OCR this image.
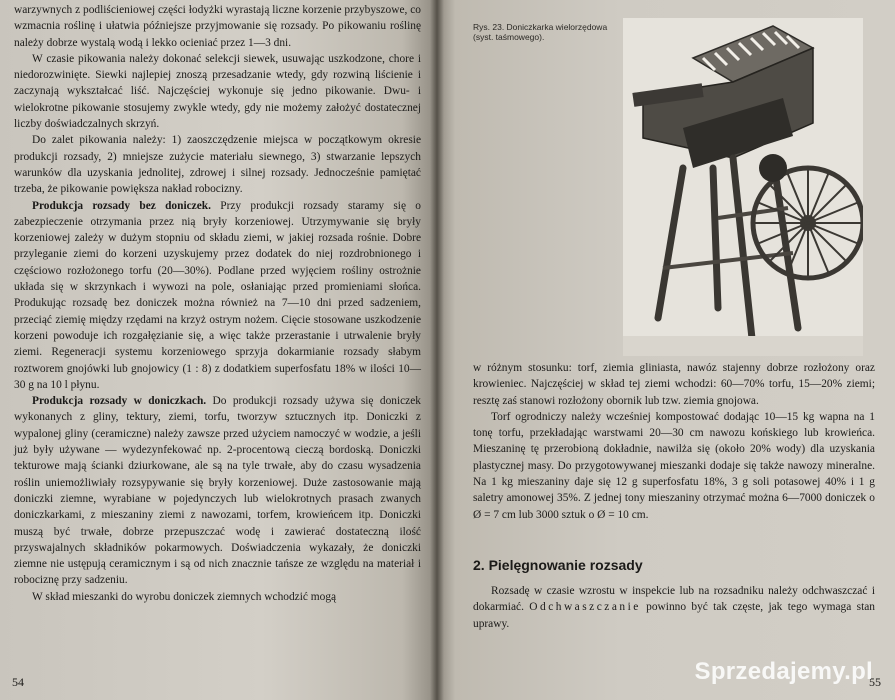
warzywnych z podliścieniowej części łodyżki wyrastają liczne korzenie przybyszowe, co wzmacnia roślinę i ułatwia późniejsze przyjmowanie się rozsady. Po pikowaniu roślinę należy dobrze wystalą wodą i lekko ocieniać przez 1—3 dni.

W czasie pikowania należy dokonać selekcji siewek, usuwając uszkodzone, chore i niedorozwinięte. Siewki najlepiej znoszą przesadzanie wtedy, gdy rozwiną liścienie i zaczynają wykształcać liść. Najczęściej wykonuje się jedno pikowanie. Dwu- i wielokrotne pikowanie stosujemy zwykle wtedy, gdy nie możemy założyć dostatecznej liczby doświadczalnych skrzyń.

Do zalet pikowania należy: 1) zaoszczędzenie miejsca w początkowym okresie produkcji rozsady, 2) mniejsze zużycie materiału siewnego, 3) stwarzanie lepszych warunków dla uzyskania jednolitej, zdrowej i silnej rozsady. Jednocześnie pamiętać trzeba, że pikowanie powiększa nakład robocizny.

Produkcja rozsady bez doniczek. Przy produkcji rozsady staramy się o zabezpieczenie otrzymania przez nią bryły korzeniowej. Utrzymywanie się bryły korzeniowej zależy w dużym stopniu od składu ziemi, w jakiej rozsada rośnie. Dobre przyleganie ziemi do korzeni uzyskujemy przez dodatek do niej rozdrobnionego i częściowo rozłożonego torfu (20—30%). Podlane przed wyjęciem rośliny ostrożnie układa się w skrzynkach i wywozi na pole, osłaniając przed promieniami słońca. Produkując rozsadę bez doniczek można również na 7—10 dni przed sadzeniem, przeciąć ziemię między rzędami na krzyż ostrym nożem. Cięcie stosowane uszkodzenie korzeni powoduje ich rozgałęzianie się, a więc także przerastanie i utrwalenie bryły ziemi. Regeneracji systemu korzeniowego sprzyja dokarmianie rozsady słabym roztworem gnojówki lub gnojowicy (1 : 8) z dodatkiem superfosfatu 18% w ilości 10—30 g na 10 l płynu.

Produkcja rozsady w doniczkach. Do produkcji rozsady używa się doniczek wykonanych z gliny, tektury, ziemi, torfu, tworzyw sztucznych itp. Doniczki z wypalonej gliny (ceramiczne) należy zawsze przed użyciem namoczyć w wodzie, a jeśli już były używane — wydezynfekować np. 2-procentową cieczą bordoską. Doniczki tekturowe mają ścianki dziurkowane, ale są na tyle trwałe, aby do czasu wysadzenia roślin uniemożliwiały rozsypywanie się bryły korzeniowej. Duże zastosowanie mają doniczki ziemne, wyrabiane w pojedynczych lub wielokrotnych prasach zwanych doniczkarkami, z mieszaniny ziemi z nawozami, torfem, krowieńcem itp. Doniczki muszą być trwałe, dobrze przepuszczać wodę i zawierać dostateczną ilość przyswajalnych składników pokarmowych. Doświadczenia wykazały, że doniczki ziemne nie ustępują ceramicznym i są od nich znacznie tańsze ze względu na materiał i robociznę przy sadzeniu.

W skład mieszanki do wyrobu doniczek ziemnych wchodzić mogą

54
Rys. 23. Doniczkarka wielorzędowa (syst. taśmowego).

w różnym stosunku: torf, ziemia gliniasta, nawóz stajenny dobrze rozłożony oraz krowieniec. Najczęściej w skład tej ziemi wchodzi: 60—70% torfu, 15—20% ziemi; resztę zaś stanowi rozłożony obornik lub tzw. ziemia gnojowa.

Torf ogrodniczy należy wcześniej kompostować dodając 10—15 kg wapna na 1 tonę torfu, przekładając warstwami 20—30 cm nawozu końskiego lub krowieńca. Mieszaninę tę przerobioną dokładnie, nawilża się (około 20% wody) dla uzyskania plastycznej masy. Do przygotowywanej mieszanki dodaje się także nawozy mineralne. Na 1 kg mieszaniny daje się 12 g superfosfatu 18%, 3 g soli potasowej 40% i 1 g saletry amonowej 35%. Z jednej tony mieszaniny otrzymać można 6—7000 doniczek o Ø = 7 cm lub 3000 sztuk o Ø = 10 cm.

2. Pielęgnowanie rozsady

Rozsadę w czasie wzrostu w inspekcie lub na rozsadniku należy odchwaszczać i dokarmiać. Odchwaszczanie powinno być tak częste, jak tego wymaga stan uprawy.

55
Sprzedajemy.pl
